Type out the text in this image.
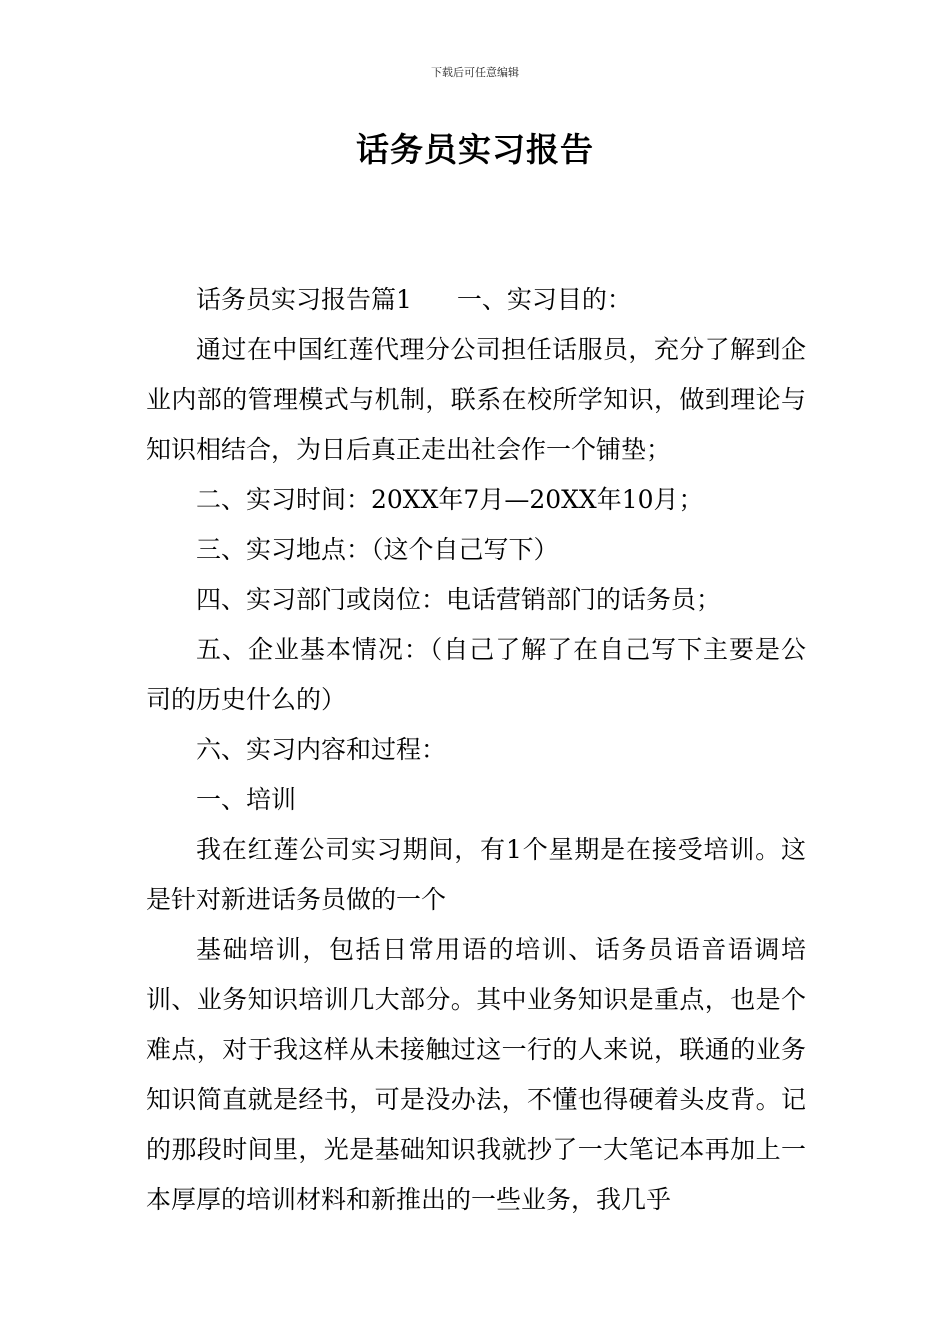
下载后可任意编辑
话务员实习报告

话务员实习报告篇1 一、实习目的：

通过在中国红莲代理分公司担任话服员，充分了解到企业内部的管理模式与机制，联系在校所学知识，做到理论与知识相结合，为日后真正走出社会作一个铺垫；

二、实习时间：20XX年7月—20XX年10月；

三、实习地点：（这个自己写下）

四、实习部门或岗位：电话营销部门的话务员；

五、企业基本情况：（自己了解了在自己写下主要是公司的历史什么的）

六、实习内容和过程：

一、培训

我在红莲公司实习期间，有1个星期是在接受培训。这是针对新进话务员做的一个

基础培训，包括日常用语的培训、话务员语音语调培训、业务知识培训几大部分。其中业务知识是重点，也是个难点，对于我这样从未接触过这一行的人来说，联通的业务知识简直就是经书，可是没办法，不懂也得硬着头皮背。记的那段时间里，光是基础知识我就抄了一大笔记本再加上一本厚厚的培训材料和新推出的一些业务，我几乎
